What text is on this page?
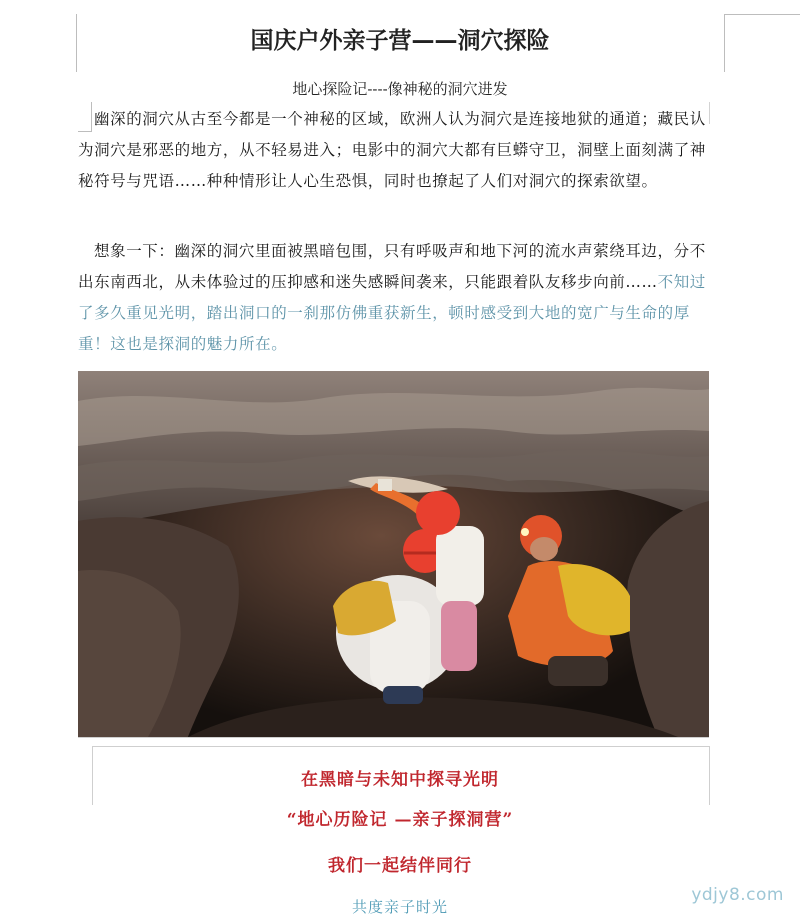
国庆户外亲子营——洞穴探险
地心探险记----像神秘的洞穴进发
幽深的洞穴从古至今都是一个神秘的区域，欧洲人认为洞穴是连接地狱的通道；藏民认为洞穴是邪恶的地方，从不轻易进入；电影中的洞穴大都有巨蟒守卫，洞壁上面刻满了神秘符号与咒语……种种情形让人心生恐惧，同时也撩起了人们对洞穴的探索欲望。
想象一下：幽深的洞穴里面被黑暗包围，只有呼吸声和地下河的流水声萦绕耳边，分不出东南西北，从未体验过的压抑感和迷失感瞬间袭来，只能跟着队友移步向前……不知过了多久重见光明，踏出洞口的一刹那仿佛重获新生，顿时感受到大地的宽广与生命的厚重！这也是探洞的魅力所在。
在黑暗与未知中探寻光明
“地心历险记 —亲子探洞营”
我们一起结伴同行
共度亲子时光
ydjy8.com
